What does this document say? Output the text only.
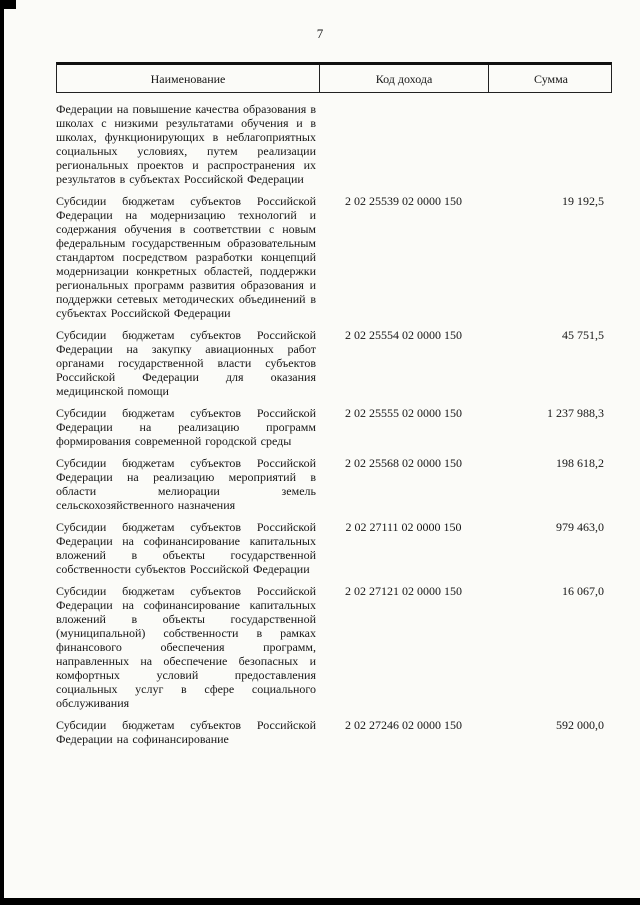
7
Наименование	Код дохода	Сумма
Федерации на повышение качества образования в школах с низкими результатами обучения и в школах, функционирующих в неблагоприятных социальных условиях, путем реализации региональных проектов и распространения их результатов в субъектах Российской Федерации
Субсидии бюджетам субъектов Российской Федерации на модернизацию технологий и содержания обучения в соответствии с новым федеральным государственным образовательным стандартом посредством разработки концепций модернизации конкретных областей, поддержки региональных программ развития образования и поддержки сетевых методических объединений в субъектах Российской Федерации
2 02 25539 02 0000 150	19 192,5
Субсидии бюджетам субъектов Российской Федерации на закупку авиационных работ органами государственной власти субъектов Российской Федерации для оказания медицинской помощи
2 02 25554 02 0000 150	45 751,5
Субсидии бюджетам субъектов Российской Федерации на реализацию программ формирования современной городской среды
2 02 25555 02 0000 150	1 237 988,3
Субсидии бюджетам субъектов Российской Федерации на реализацию мероприятий в области мелиорации земель сельскохозяйственного назначения
2 02 25568 02 0000 150	198 618,2
Субсидии бюджетам субъектов Российской Федерации на софинансирование капитальных вложений в объекты государственной собственности субъектов Российской Федерации
2 02 27111 02 0000 150	979 463,0
Субсидии бюджетам субъектов Российской Федерации на софинансирование капитальных вложений в объекты государственной (муниципальной) собственности в рамках финансового обеспечения программ, направленных на обеспечение безопасных и комфортных условий предоставления социальных услуг в сфере социального обслуживания
2 02 27121 02 0000 150	16 067,0
Субсидии бюджетам субъектов Российской Федерации на софинансирование
2 02 27246 02 0000 150	592 000,0
